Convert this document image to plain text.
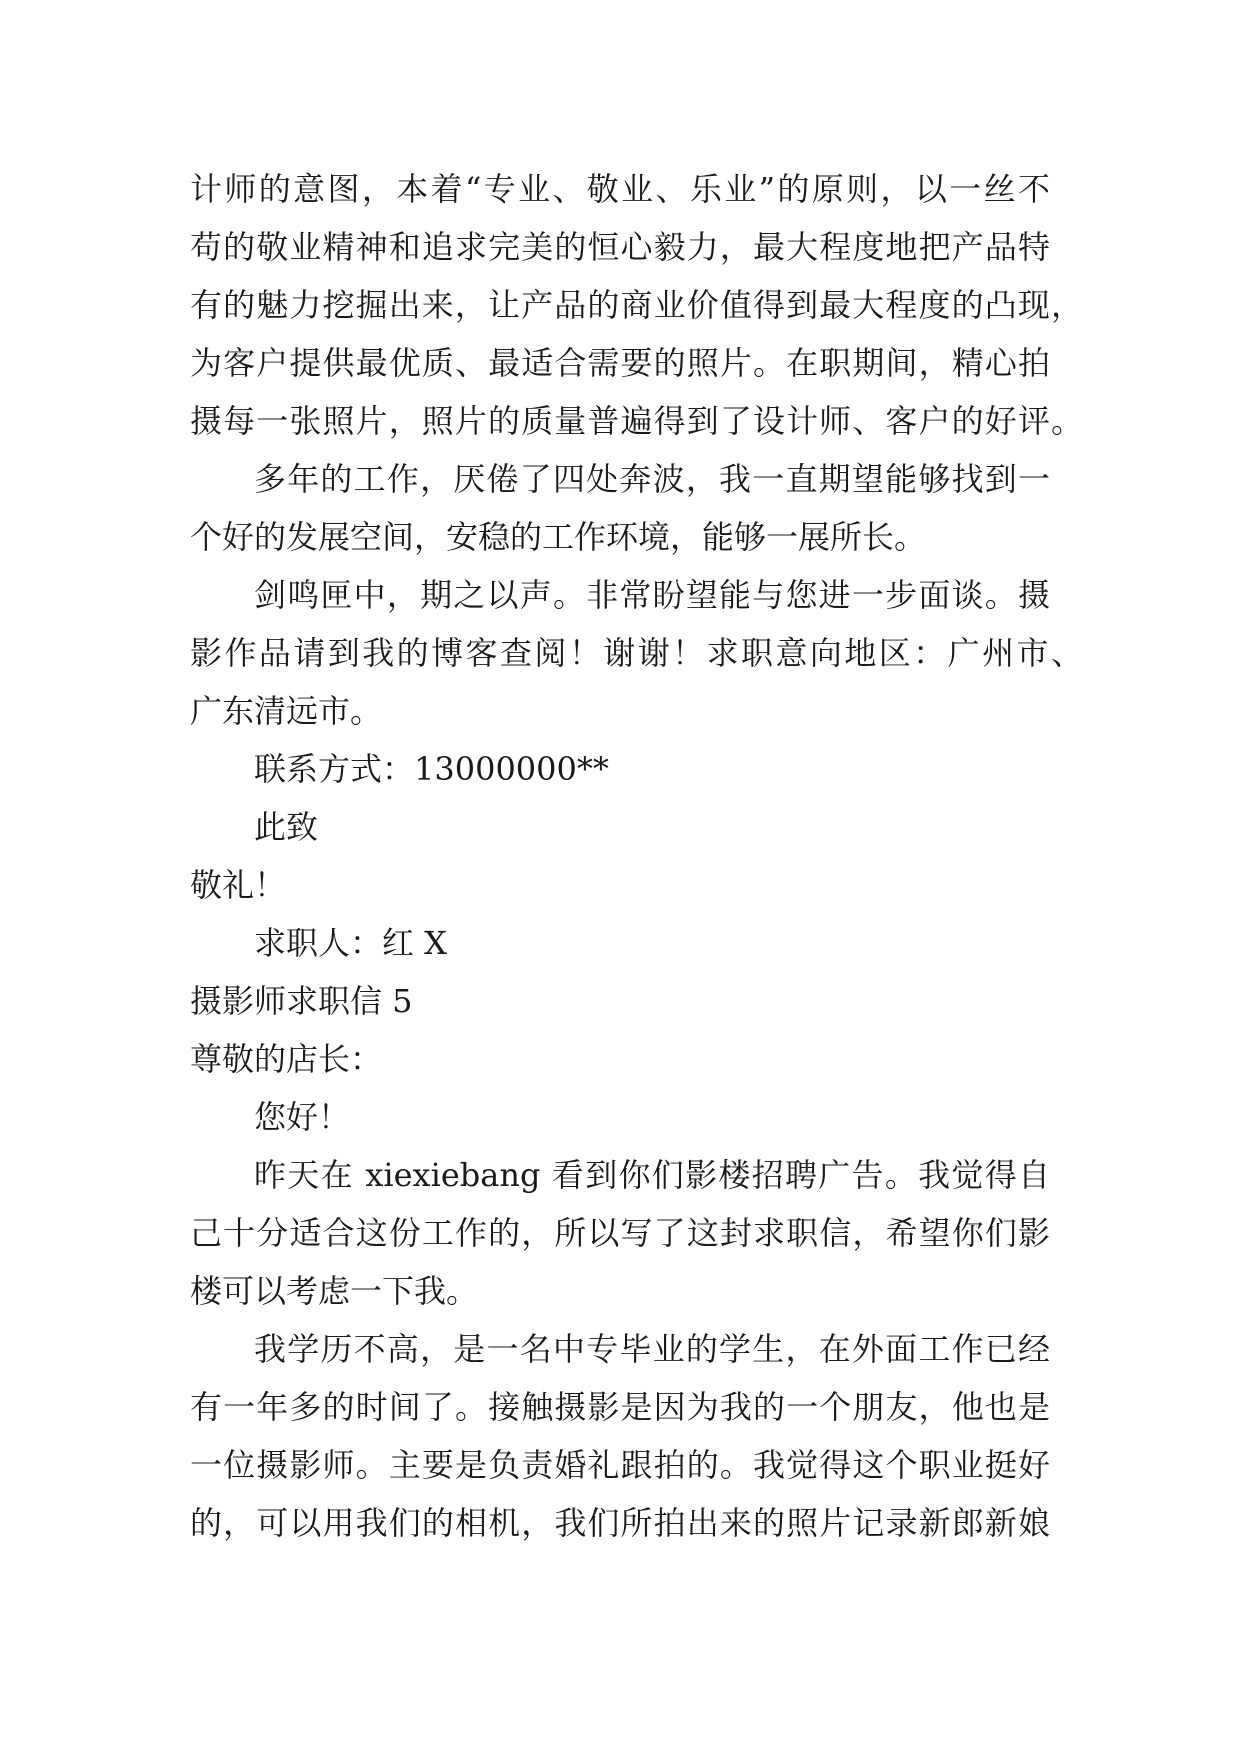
计师的意图，本着“专业、敬业、乐业”的原则，以一丝不
苟的敬业精神和追求完美的恒心毅力，最大程度地把产品特
有的魅力挖掘出来，让产品的商业价值得到最大程度的凸现，
为客户提供最优质、最适合需要的照片。在职期间，精心拍
摄每一张照片，照片的质量普遍得到了设计师、客户的好评。
多年的工作，厌倦了四处奔波，我一直期望能够找到一
个好的发展空间，安稳的工作环境，能够一展所长。
剑鸣匣中，期之以声。非常盼望能与您进一步面谈。摄
影作品请到我的博客查阅！谢谢！求职意向地区：广州市、
广东清远市。
联系方式：13000000**
此致
敬礼！
求职人：红 X
摄影师求职信 5
尊敬的店长：
您好！
昨天在 xiexiebang 看到你们影楼招聘广告。我觉得自
己十分适合这份工作的，所以写了这封求职信，希望你们影
楼可以考虑一下我。
我学历不高，是一名中专毕业的学生，在外面工作已经
有一年多的时间了。接触摄影是因为我的一个朋友，他也是
一位摄影师。主要是负责婚礼跟拍的。我觉得这个职业挺好
的，可以用我们的相机，我们所拍出来的照片记录新郎新娘
